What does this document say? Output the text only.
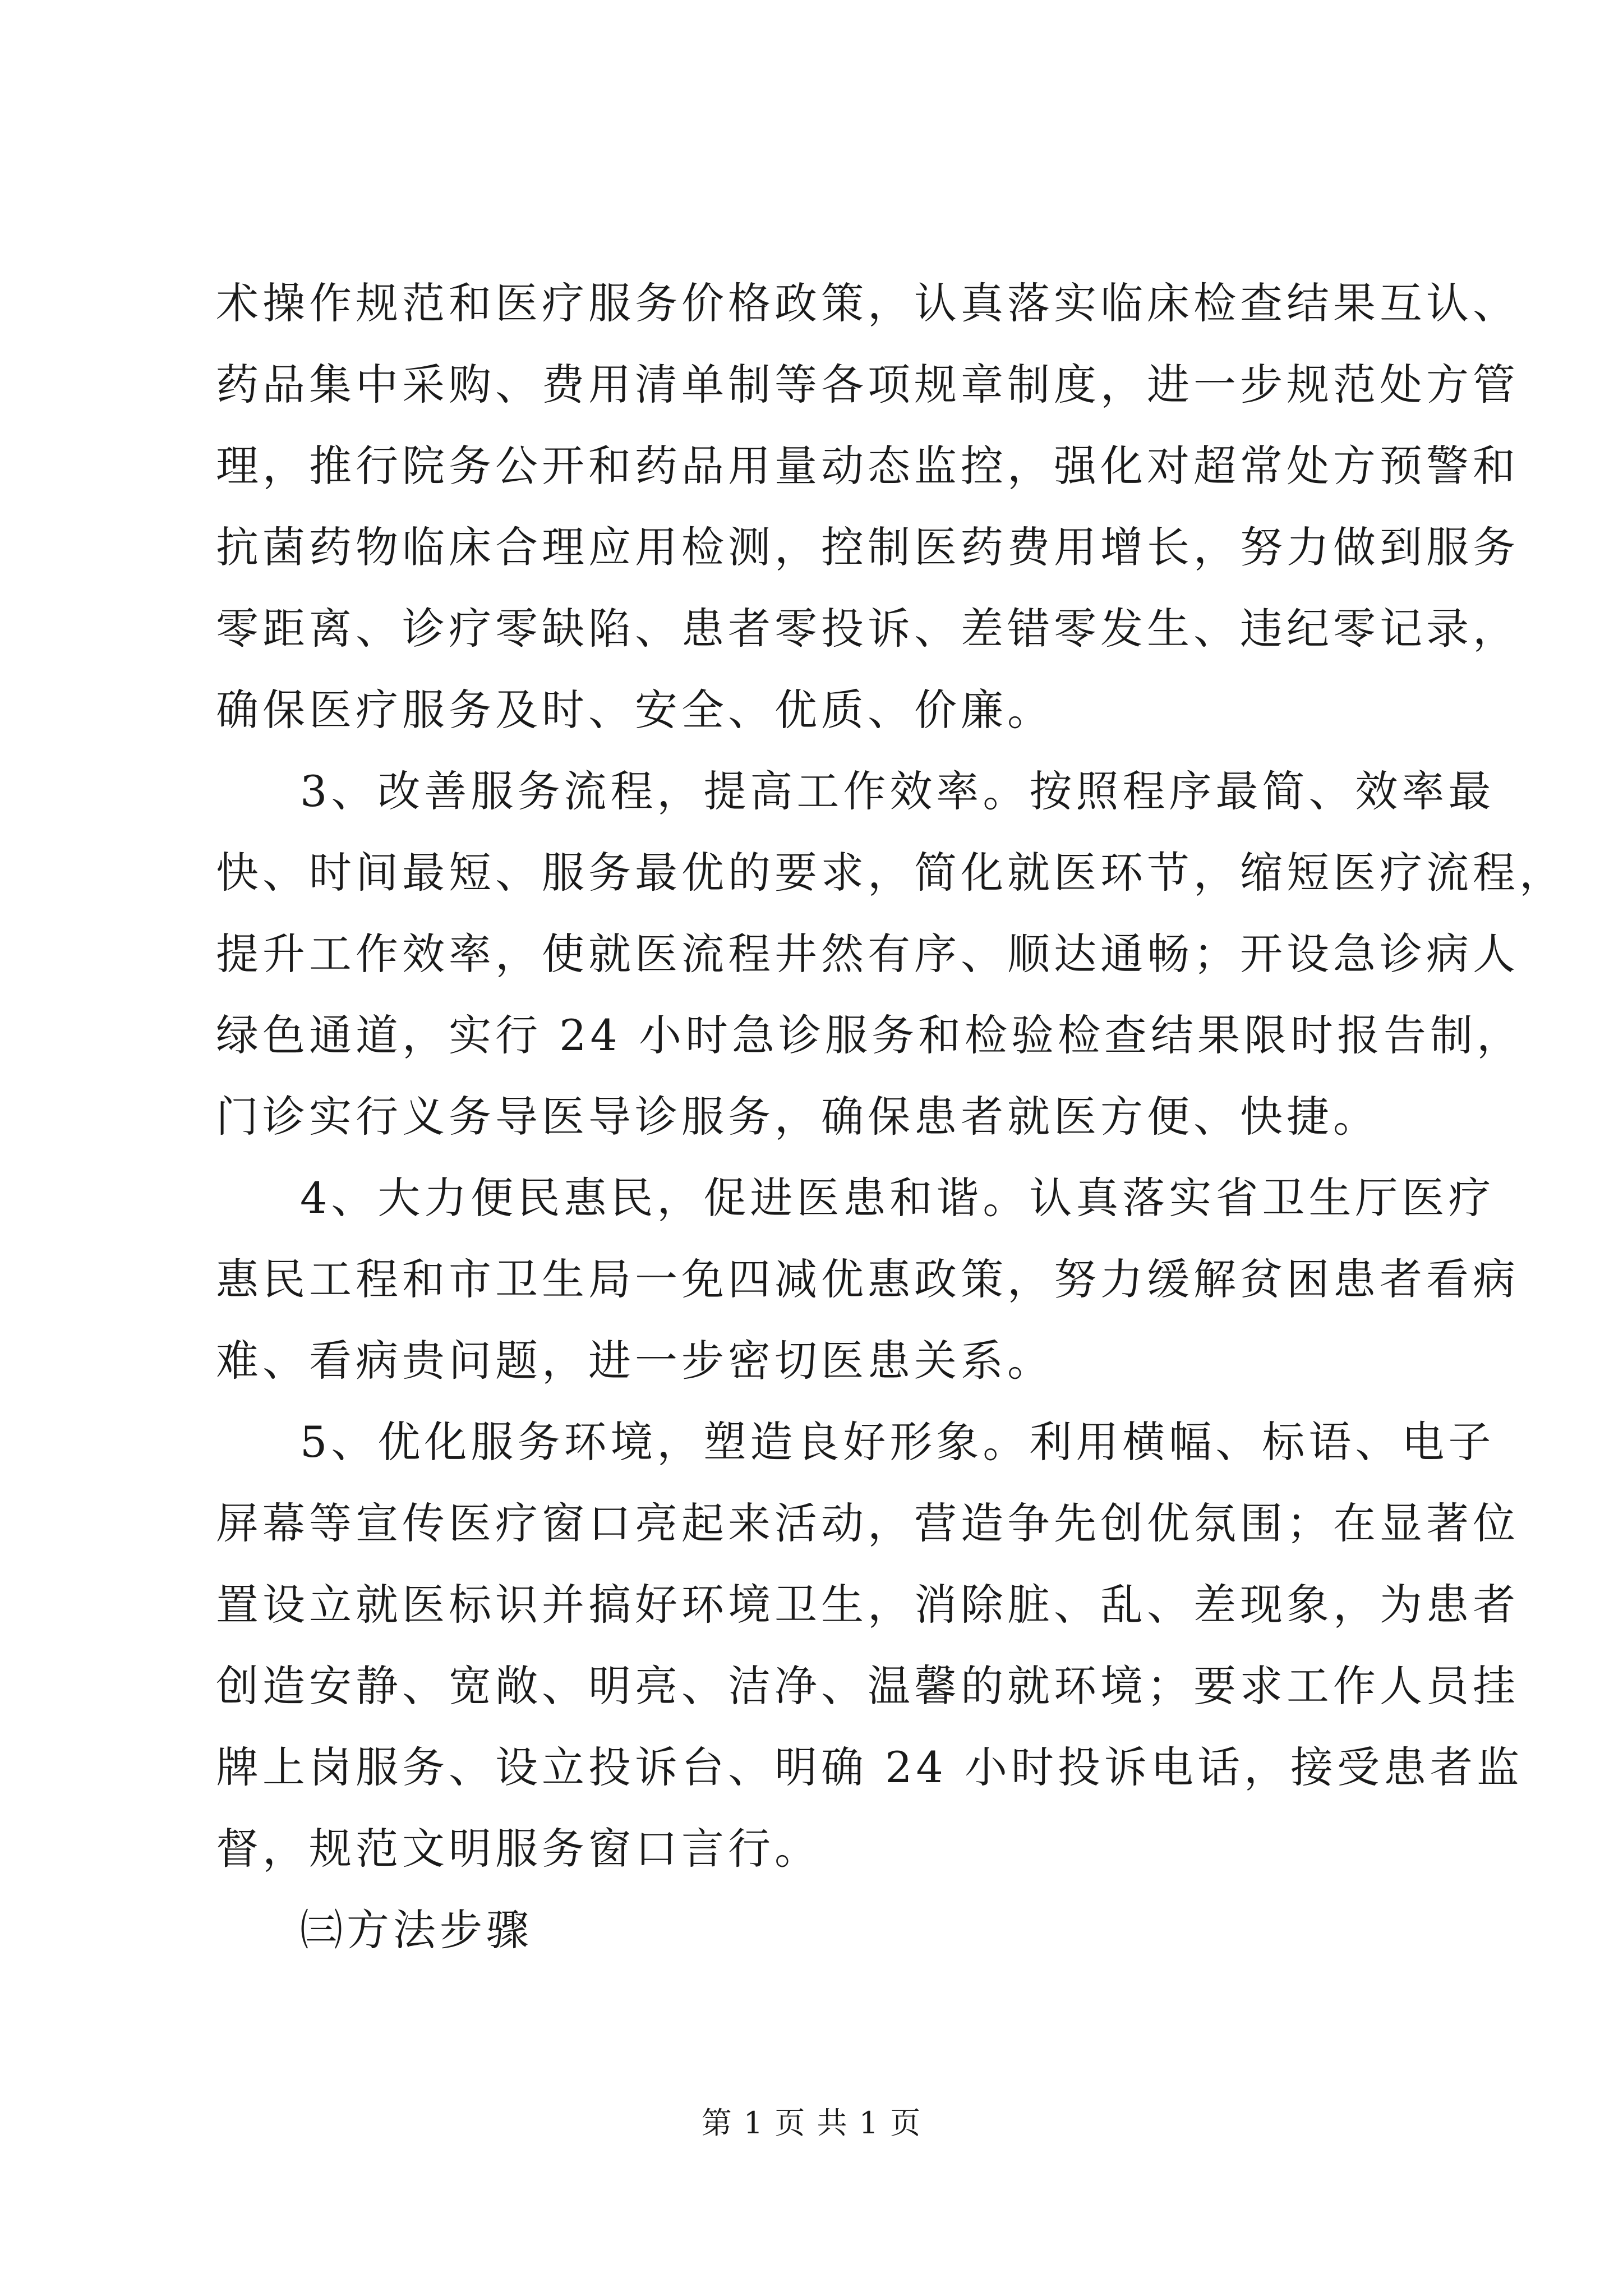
术操作规范和医疗服务价格政策，认真落实临床检查结果互认、
药品集中采购、费用清单制等各项规章制度，进一步规范处方管
理，推行院务公开和药品用量动态监控，强化对超常处方预警和
抗菌药物临床合理应用检测，控制医药费用增长，努力做到服务
零距离、诊疗零缺陷、患者零投诉、差错零发生、违纪零记录，
确保医疗服务及时、安全、优质、价廉。
3、改善服务流程，提高工作效率。按照程序最简、效率最
快、时间最短、服务最优的要求，简化就医环节，缩短医疗流程，
提升工作效率，使就医流程井然有序、顺达通畅；开设急诊病人
绿色通道，实行 24 小时急诊服务和检验检查结果限时报告制，
门诊实行义务导医导诊服务，确保患者就医方便、快捷。
4、大力便民惠民，促进医患和谐。认真落实省卫生厅医疗
惠民工程和市卫生局一免四减优惠政策，努力缓解贫困患者看病
难、看病贵问题，进一步密切医患关系。
5、优化服务环境，塑造良好形象。利用横幅、标语、电子
屏幕等宣传医疗窗口亮起来活动，营造争先创优氛围；在显著位
置设立就医标识并搞好环境卫生，消除脏、乱、差现象，为患者
创造安静、宽敞、明亮、洁净、温馨的就环境；要求工作人员挂
牌上岗服务、设立投诉台、明确 24 小时投诉电话，接受患者监
督，规范文明服务窗口言行。
㈢方法步骤
第 1 页 共 1 页
